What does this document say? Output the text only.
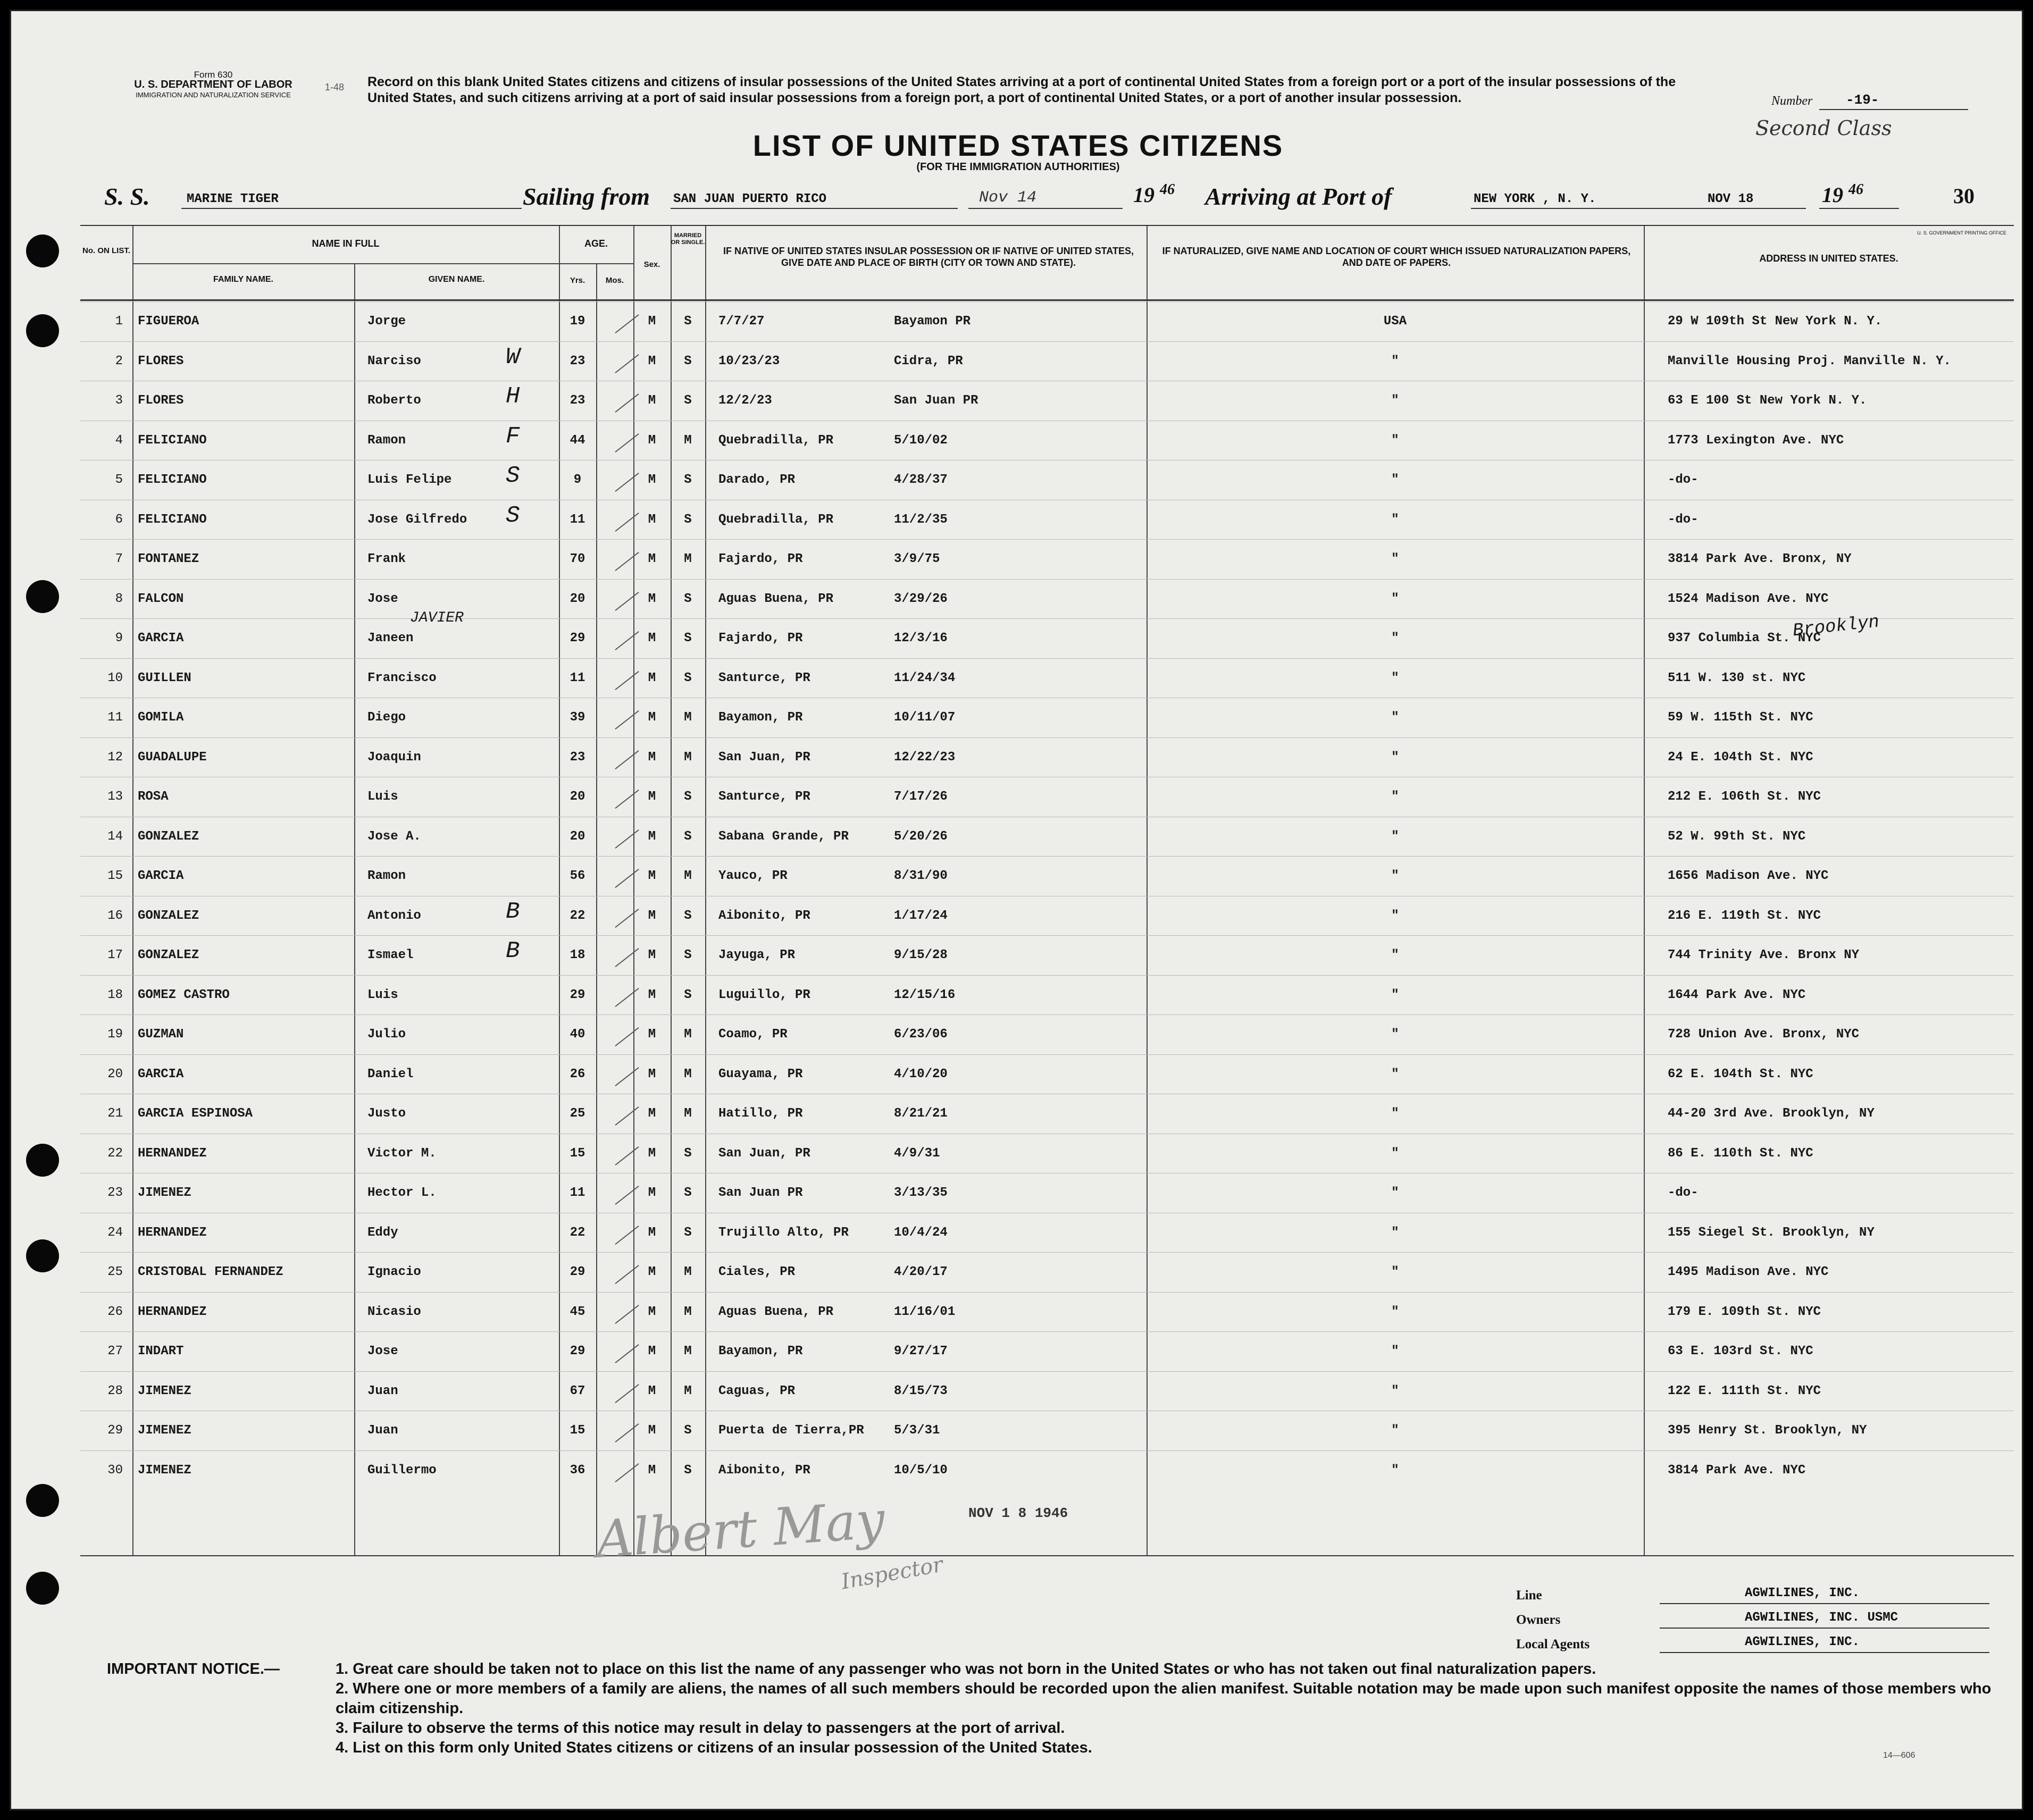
Form 630
U. S. DEPARTMENT OF LABOR
IMMIGRATION AND NATURALIZATION SERVICE
1-48 Record on this blank United States citizens and citizens of insular possessions of the United States arriving at a port of continental United States from a foreign port or a port of the insular possessions of the United States, and such citizens arriving at a port of said insular possessions from a foreign port, a port of continental United States, or a port of another insular possession.	Number -19-
Second Class
LIST OF UNITED STATES CITIZENS
(FOR THE IMMIGRATION AUTHORITIES)
S. S.	MARINE TIGER	Sailing from SAN JUAN PUERTO RICO	Nov 14	19 46 Arriving at Port of	NEW YORK , N. Y.	NOV 18	19 46	30
No. ON LIST.
NAME IN FULL
FAMILY NAME.	GIVEN NAME.
AGE.
Yrs.	Mos.
Sex.
MARRIED OR SINGLE.
IF NATIVE OF UNITED STATES INSULAR POSSESSION OR IF NATIVE OF UNITED STATES, GIVE DATE AND PLACE OF BIRTH (CITY OR TOWN AND STATE).
IF NATURALIZED, GIVE NAME AND LOCATION OF COURT WHICH ISSUED NATURALIZATION PAPERS, AND DATE OF PAPERS.	ADDRESS IN UNITED STATES.
U. S. GOVERNMENT PRINTING OFFICE
1 FIGUEROA	Jorge	19	M	S	7/7/27	Bayamon PR	USA	29 W 109th St New York N. Y.
2 FLORES	Narciso	23	M	S	10/23/23	Cidra, PR	"	Manville Housing Proj. Manville N. Y.
W
3 FLORES	Roberto	23	M	S	12/2/23	San Juan PR	"	63 E 100 St New York N. Y.
H
4 FELICIANO	Ramon	44	M	M	Quebradilla, PR	5/10/02	"	1773 Lexington Ave. NYC
F
5 FELICIANO	Luis Felipe	9	M	S	Darado, PR	4/28/37	"	-do-
S
6 FELICIANO	Jose Gilfredo	11	M	S	Quebradilla, PR	11/2/35	"	-do-
S
7 FONTANEZ	Frank	70	M	M	Fajardo, PR	3/9/75	"	3814 Park Ave. Bronx, NY
8 FALCON	Jose	20	M	S	Aguas Buena, PR	3/29/26	"	1524 Madison Ave. NYC
9 GARCIA	Janeen	29	M	S	Fajardo, PR	12/3/16	"	937 Columbia St. NYC
JAVIER	Brooklyn
10 GUILLEN	Francisco	11	M	S	Santurce, PR	11/24/34	"	511 W. 130 st. NYC
11 GOMILA	Diego	39	M	M	Bayamon, PR	10/11/07	"	59 W. 115th St. NYC
12 GUADALUPE	Joaquin	23	M	M	San Juan, PR	12/22/23	"	24 E. 104th St. NYC
13 ROSA	Luis	20	M	S	Santurce, PR	7/17/26	"	212 E. 106th St. NYC
14 GONZALEZ	Jose A.	20	M	S	Sabana Grande, PR	5/20/26	"	52 W. 99th St. NYC
15 GARCIA	Ramon	56	M	M	Yauco, PR	8/31/90	"	1656 Madison Ave. NYC
16 GONZALEZ	Antonio	22	M	S	Aibonito, PR	1/17/24	"	216 E. 119th St. NYC
B
17 GONZALEZ	Ismael	18	M	S	Jayuga, PR	9/15/28	"	744 Trinity Ave. Bronx NY
B
18 GOMEZ CASTRO	Luis	29	M	S	Luguillo, PR	12/15/16	"	1644 Park Ave. NYC
19 GUZMAN	Julio	40	M	M	Coamo, PR	6/23/06	"	728 Union Ave. Bronx, NYC
20 GARCIA	Daniel	26	M	M	Guayama, PR	4/10/20	"	62 E. 104th St. NYC
21 GARCIA ESPINOSA	Justo	25	M	M	Hatillo, PR	8/21/21	"	44-20 3rd Ave. Brooklyn, NY
22 HERNANDEZ	Victor M.	15	M	S	San Juan, PR	4/9/31	"	86 E. 110th St. NYC
23 JIMENEZ	Hector L.	11	M	S	San Juan PR	3/13/35	"	-do-
24 HERNANDEZ	Eddy	22	M	S	Trujillo Alto, PR	10/4/24	"	155 Siegel St. Brooklyn, NY
25 CRISTOBAL FERNANDEZ	Ignacio	29	M	M	Ciales, PR	4/20/17	"	1495 Madison Ave. NYC
26 HERNANDEZ	Nicasio	45	M	M	Aguas Buena, PR	11/16/01	"	179 E. 109th St. NYC
27 INDART	Jose	29	M	M	Bayamon, PR	9/27/17	"	63 E. 103rd St. NYC
28 JIMENEZ	Juan	67	M	M	Caguas, PR	8/15/73	"	122 E. 111th St. NYC
29 JIMENEZ	Juan	15	M	S	Puerta de Tierra,PR	5/3/31	"	395 Henry St. Brooklyn, NY
30 JIMENEZ	Guillermo	36	M	S	Aibonito, PR	10/5/10	"	3814 Park Ave. NYC
Albert May
Inspector
NOV 1 8 1946
Line	AGWILINES, INC.
Owners	AGWILINES, INC. USMC
Local Agents	AGWILINES, INC.
IMPORTANT NOTICE.—	1. Great care should be taken not to place on this list the name of any passenger who was not born in the United States or who has not taken out final naturalization papers.
2. Where one or more members of a family are aliens, the names of all such members should be recorded upon the alien manifest. Suitable notation may be made upon such manifest opposite the names of those members who claim citizenship.
3. Failure to observe the terms of this notice may result in delay to passengers at the port of arrival.
4. List on this form only United States citizens or citizens of an insular possession of the United States.	14—606
